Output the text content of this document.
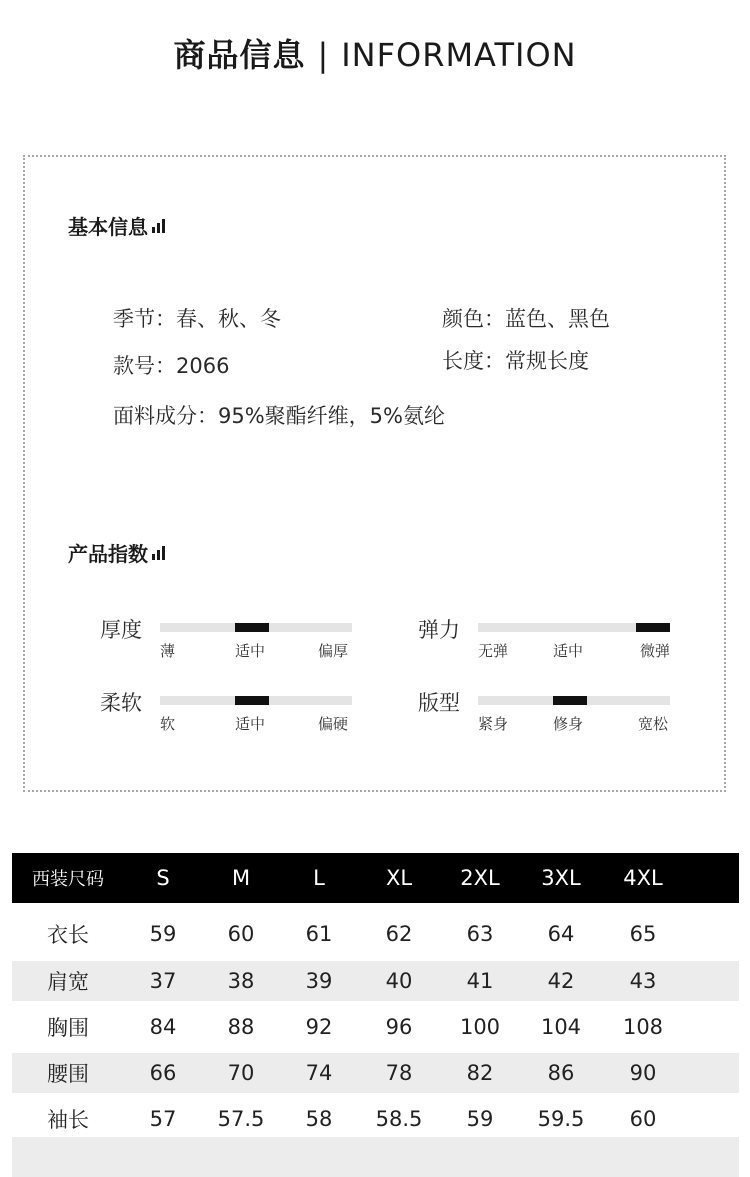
商品信息 | INFORMATION
基本信息
季节：春、秋、冬	颜色：蓝色、黑色
款号：2066	长度：常规长度
面料成分：95%聚酯纤维，5%氨纶
产品指数
厚度
薄	适中	偏厚
弹力
无弹	适中	微弹
柔软
软	适中	偏硬
版型
紧身	修身	宽松
西装尺码	S	M	L	XL	2XL	3XL	4XL
衣长	59	60	61	62	63	64	65
肩宽	37	38	39	40	41	42	43
胸围	84	88	92	96	100	104	108
腰围	66	70	74	78	82	86	90
袖长	57	57.5	58	58.5	59	59.5	60
